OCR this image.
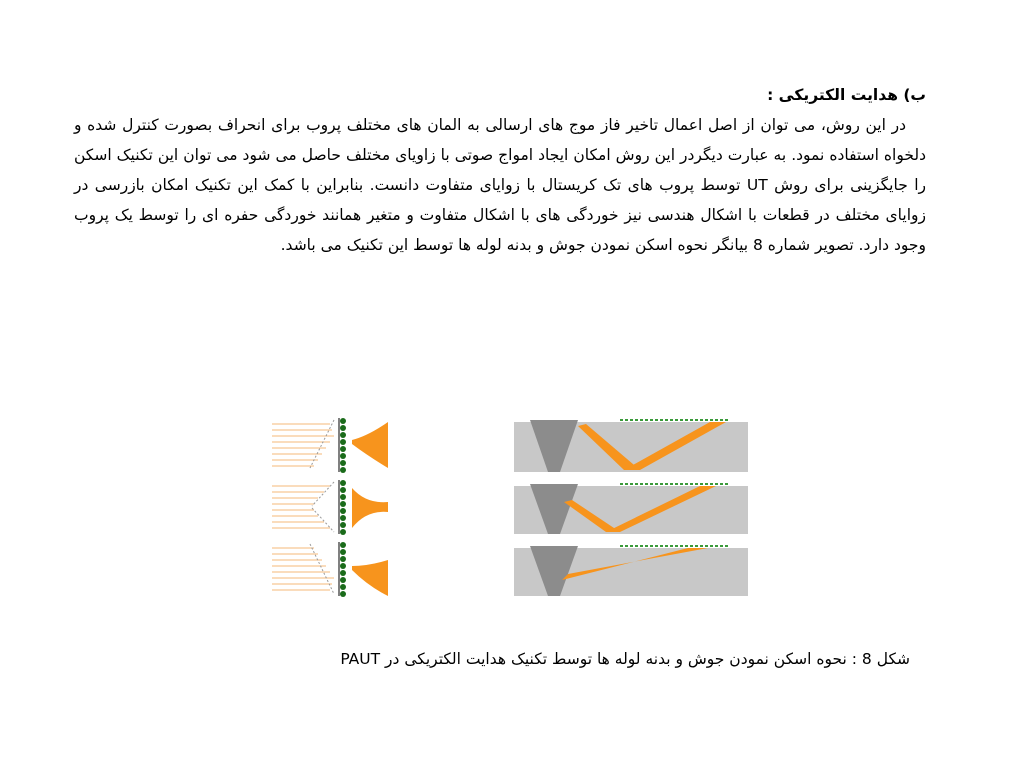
ب) هدایت الکتریکی :
در این روش، می توان از اصل اعمال تاخیر فاز موج های ارسالی به المان های مختلف پروب برای انحراف بصورت کنترل شده و دلخواه استفاده نمود. به عبارت دیگردر این روش امکان ایجاد امواج صوتی با زاویای مختلف حاصل می شود می توان این تکنیک اسکن را جایگزینی برای روش UT توسط پروب های تک کریستال با زوایای متفاوت دانست. بنابراین با کمک این تکنیک امکان بازرسی در زوایای مختلف در قطعات با اشکال هندسی نیز خوردگی های با اشکال متفاوت و متغیر همانند خوردگی حفره ای را توسط یک پروب وجود دارد. تصویر شماره 8 بیانگر نحوه اسکن نمودن جوش و بدنه لوله ها توسط این تکنیک می باشد.
شکل 8 : نحوه اسکن نمودن جوش و بدنه لوله ها توسط تکنیک هدایت الکتریکی در PAUT
